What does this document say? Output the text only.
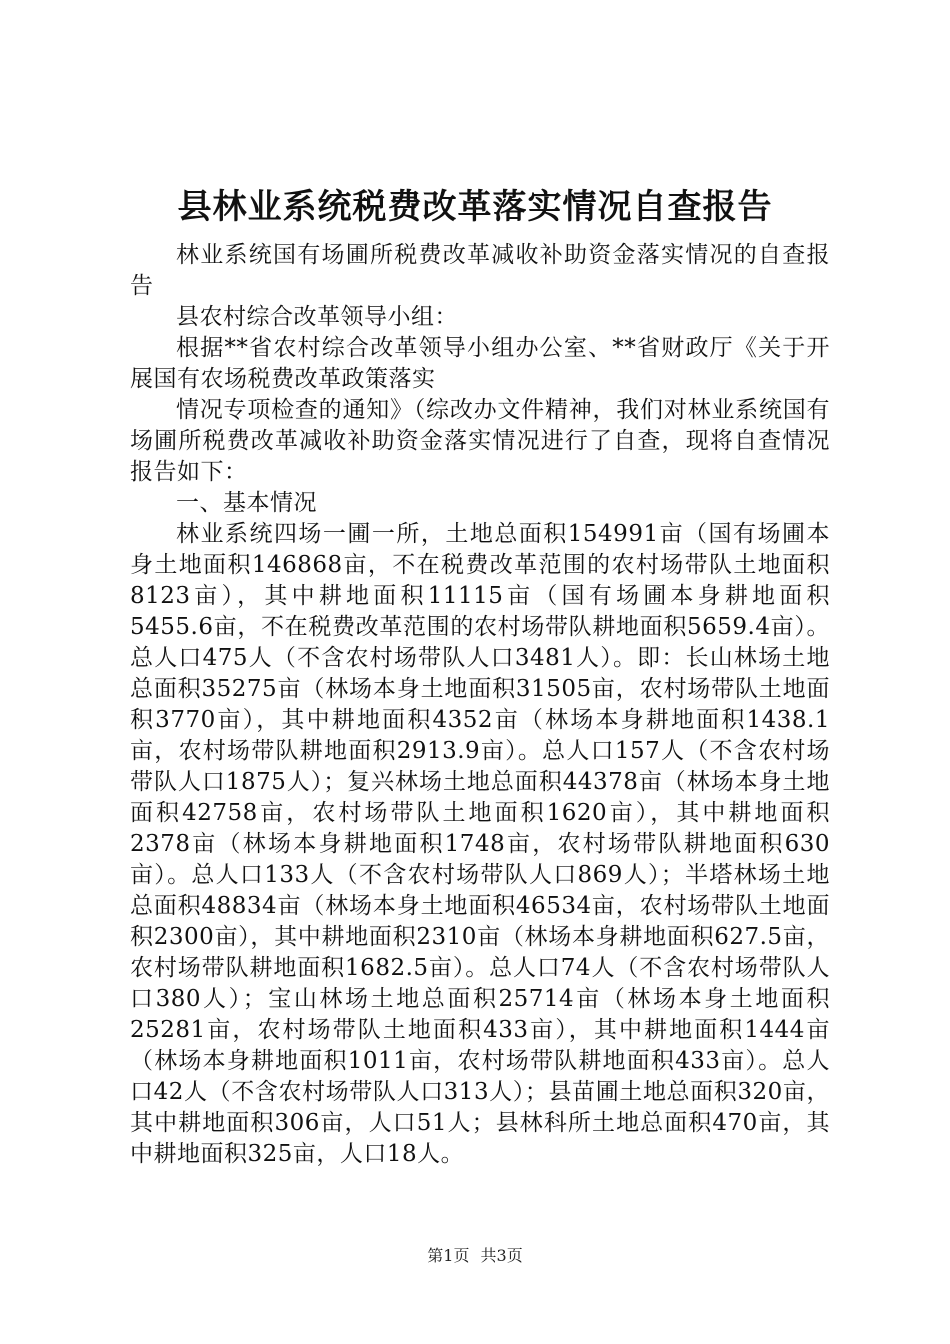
县林业系统税费改革落实情况自查报告

林业系统国有场圃所税费改革减收补助资金落实情况的自查报告

县农村综合改革领导小组：

根据**省农村综合改革领导小组办公室、**省财政厅《关于开展国有农场税费改革政策落实

情况专项检查的通知》（综改办文件精神，我们对林业系统国有场圃所税费改革减收补助资金落实情况进行了自查，现将自查情况报告如下：

一、基本情况

林业系统四场一圃一所，土地总面积154991亩（国有场圃本身土地面积146868亩，不在税费改革范围的农村场带队土地面积8123亩），其中耕地面积11115亩（国有场圃本身耕地面积5455.6亩，不在税费改革范围的农村场带队耕地面积5659.4亩）。总人口475人（不含农村场带队人口3481人）。即：长山林场土地总面积35275亩（林场本身土地面积31505亩，农村场带队土地面积3770亩），其中耕地面积4352亩（林场本身耕地面积1438.1亩，农村场带队耕地面积2913.9亩）。总人口157人（不含农村场带队人口1875人）；复兴林场土地总面积44378亩（林场本身土地面积42758亩，农村场带队土地面积1620亩），其中耕地面积2378亩（林场本身耕地面积1748亩，农村场带队耕地面积630亩）。总人口133人（不含农村场带队人口869人）；半塔林场土地总面积48834亩（林场本身土地面积46534亩，农村场带队土地面积2300亩），其中耕地面积2310亩（林场本身耕地面积627.5亩，农村场带队耕地面积1682.5亩）。总人口74人（不含农村场带队人口380人）；宝山林场土地总面积25714亩（林场本身土地面积25281亩，农村场带队土地面积433亩），其中耕地面积1444亩（林场本身耕地面积1011亩，农村场带队耕地面积433亩）。总人口42人（不含农村场带队人口313人）；县苗圃土地总面积320亩，其中耕地面积306亩，人口51人；县林科所土地总面积470亩，其中耕地面积325亩，人口18人。

第1页 共3页
